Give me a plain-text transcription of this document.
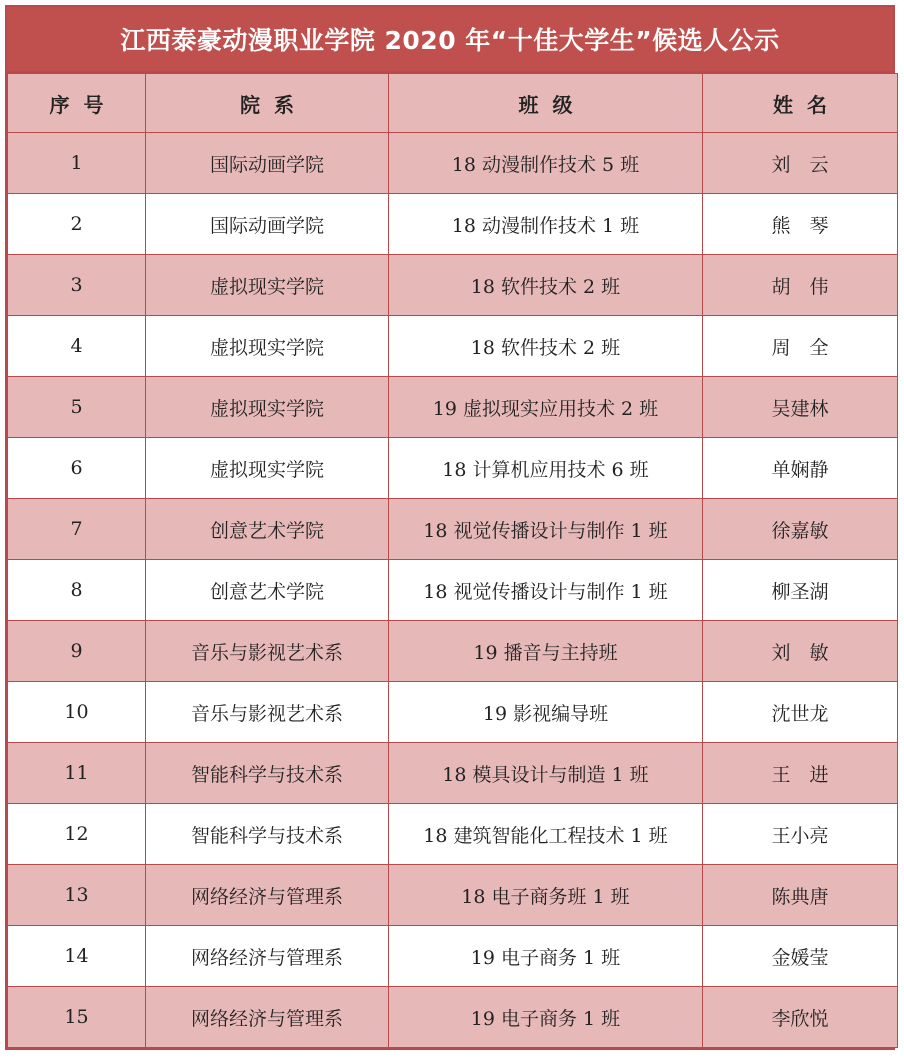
江西泰豪动漫职业学院 2020 年“十佳大学生”候选人公示
序号	院系	班级	姓名
1	国际动画学院	18 动漫制作技术 5 班	刘　云
2	国际动画学院	18 动漫制作技术 1 班	熊　琴
3	虚拟现实学院	18 软件技术 2 班	胡　伟
4	虚拟现实学院	18 软件技术 2 班	周　全
5	虚拟现实学院	19 虚拟现实应用技术 2 班	吴建林
6	虚拟现实学院	18 计算机应用技术 6 班	单娴静
7	创意艺术学院	18 视觉传播设计与制作 1 班	徐嘉敏
8	创意艺术学院	18 视觉传播设计与制作 1 班	柳圣湖
9	音乐与影视艺术系	19 播音与主持班	刘　敏
10	音乐与影视艺术系	19 影视编导班	沈世龙
11	智能科学与技术系	18 模具设计与制造 1 班	王　进
12	智能科学与技术系	18 建筑智能化工程技术 1 班	王小亮
13	网络经济与管理系	18 电子商务班 1 班	陈典唐
14	网络经济与管理系	19 电子商务 1 班	金媛莹
15	网络经济与管理系	19 电子商务 1 班	李欣悦
